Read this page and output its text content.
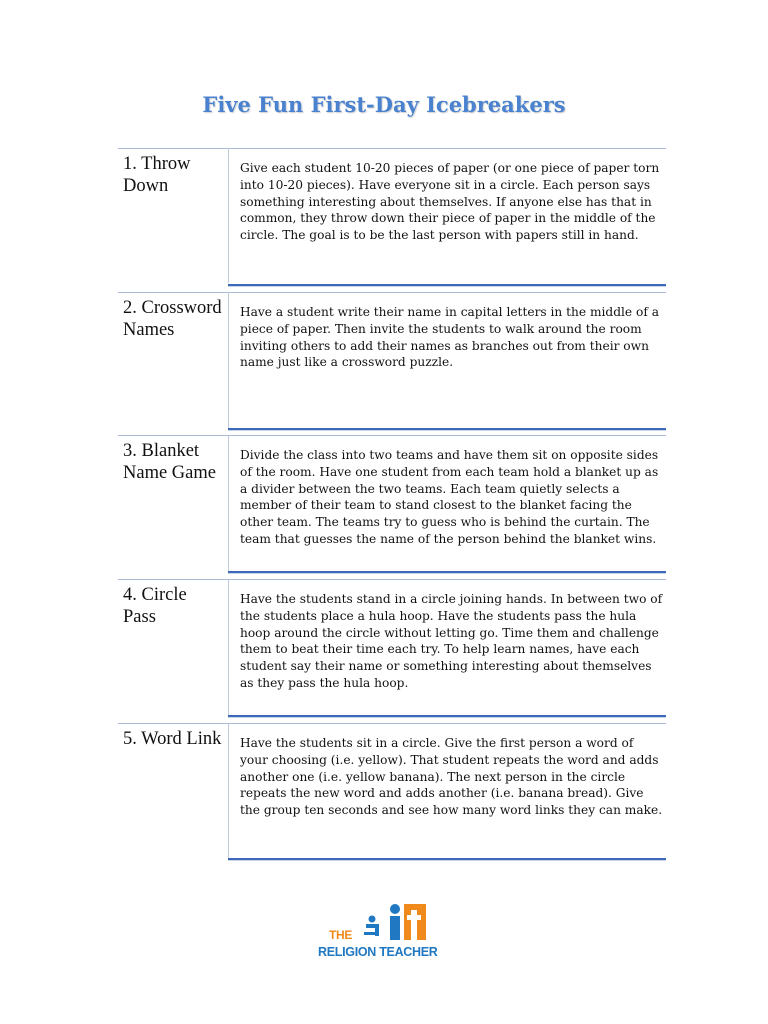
Five Fun First-Day Icebreakers
1. Throw Down
Give each student 10-20 pieces of paper (or one piece of paper torn into 10-20 pieces). Have everyone sit in a circle. Each person says something interesting about themselves. If anyone else has that in common, they throw down their piece of paper in the middle of the circle. The goal is to be the last person with papers still in hand.
2. Crossword Names
Have a student write their name in capital letters in the middle of a piece of paper. Then invite the students to walk around the room inviting others to add their names as branches out from their own name just like a crossword puzzle.
3. Blanket Name Game
Divide the class into two teams and have them sit on opposite sides of the room. Have one student from each team hold a blanket up as a divider between the two teams. Each team quietly selects a member of their team to stand closest to the blanket facing the other team. The teams try to guess who is behind the curtain. The team that guesses the name of the person behind the blanket wins.
4. Circle Pass
Have the students stand in a circle joining hands. In between two of the students place a hula hoop. Have the students pass the hula hoop around the circle without letting go. Time them and challenge them to beat their time each try. To help learn names, have each student say their name or something interesting about themselves as they pass the hula hoop.
5. Word Link Have the students sit in a circle. Give the first person a word of your choosing (i.e. yellow). That student repeats the word and adds another one (i.e. yellow banana). The next person in the circle repeats the new word and adds another (i.e. banana bread). Give the group ten seconds and see how many word links they can make.
THE
RELIGION TEACHER
